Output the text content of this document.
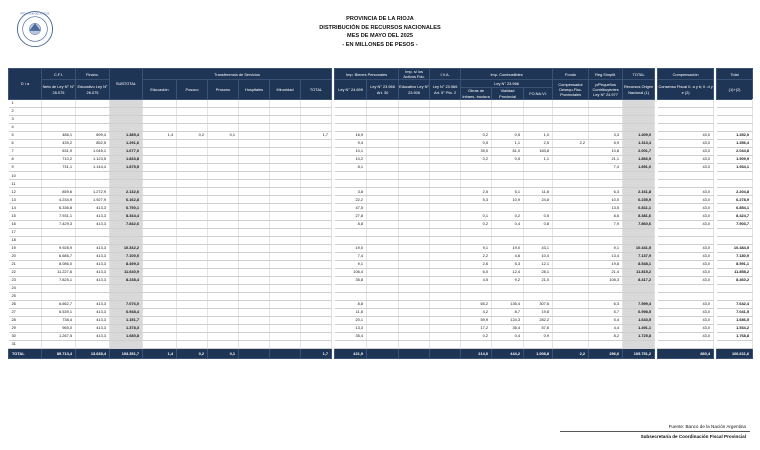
PROVINCIA DE LA RIOJA
PROVINCIA DE LA RIOJA
DISTRIBUCIÓN DE RECURSOS NACIONALES
MES DE MAYO DEL 2025
- EN MILLONES DE PESOS -
D í a	C.F.I.	Financ.	SUBTOTAL	Transferencia de Servicios							Imp. Bienes Personales		Imp. s/ los Activos Fdo.	I.V.A.	Imp. Combustibles			Fondo	Reg.Simplif.	TOTAL		Compensación		Total	
	Neto de Ley N° N° 26.075	Educativo Ley N° 26.075		Educación	Posoco	Prosonu	Hospitales	Minoridad	TOTAL		Ley N° 24.699	Ley N° 23.966 Art. 30	Educativo Ley N° 23.906	Ley N° 23.966 Art. 5° Pto. 2	Ley N° 23.966			Compensador Desequ.Fisc. Provinciales	p/Pequeños Contribuyentes Ley N° 24.977	Recursos Origen Nacional (1)		Consenso Fiscal II. a y b; II. d y e (2)		(1)+(2)	
															Obras de Infraes- tructura	Vialidad Provincial	FO.NA.VI.								
1																									
2																									
3																									
4																									
5	486,1	899,4	1.385,4	1,4	0,2	0,1			1,7		16,9				0,2	0,5	1,0		3,3	1.409,0		43,0		1.452,0	
6	439,2	852,5	1.291,6								9,4				0,5	1,1	2,5	2,2	5,9	1.313,4		43,0		1.356,4	
7	631,9	1.045,1	1.677,0								10,1				39,0	81,0	183,8		10,8	2.001,7		43,0		2.044,8	
8	710,2	1.123,5	1.833,8								10,2				0,2	0,5	1,1		21,1	1.866,9		43,0		1.909,9	
9	731,1	1.144,4	1.875,5								8,1								7,4	1.891,0		43,0		1.934,1	
10																									
11																									
12	859,6	1.272,9	2.132,6								3,8				2,5	5,1	11,6		6,3	2.161,8		43,0		2.204,8	
13	4.234,9	1.927,9	6.162,8								22,2				5,3	10,9	24,8		10,0	6.235,9		43,0		6.278,9	
14	6.336,8	413,3	6.750,1								47,5								13,5	6.811,1		43,0		6.854,1	
15	7.931,1	413,3	8.344,4								27,8				0,1	0,2	0,5		8,6	8.381,6		43,0		8.424,7	
16	7.429,3	413,3	7.842,6								8,8				0,2	0,4	0,8		7,9	7.860,6		43,0		7.903,7	
17																									
18																									
19	9.928,9	413,3	10.342,2								19,0				9,1	19,0	43,1		9,1	10.441,5		43,0		10.484,5	
20	6.686,7	413,3	7.100,0								7,4				2,2	4,6	10,4		13,4	7.137,9		43,0		7.180,9	
21	8.086,0	413,3	8.499,3								9,1				2,6	5,3	12,1		19,8	8.548,1		43,0		8.591,1	
22	11.227,6	413,3	11.640,9								106,4				6,0	12,4	28,1		21,4	11.815,2		43,0		11.858,2	
23	7.825,1	413,3	8.238,4								35,8				4,5	9,2	21,0		108,3	8.417,2		43,0		8.460,2	
24																									
25																									
26	6.662,7	413,3	7.076,0								8,8				65,2	135,4	307,6		6,3	7.599,4		43,0		7.642,4	
27	6.539,1	413,3	6.948,4								11,6				4,2	8,7	19,8		5,7	6.998,5		43,0		7.041,5	
28	738,4	413,3	1.151,7								20,1				59,9	124,3	282,2		5,4	1.643,5		43,0		1.686,5	
29	965,0	413,3	1.378,3								13,3				17,2	35,4	57,6		4,4	1.491,1		43,0		1.534,2	
30	1.267,5	413,3	1.680,8								35,4				0,2	0,4	0,9		8,2	1.725,8		43,0		1.768,8	
31																									
TOTAL	89.713,4	13.638,4	103.351,7	1,4	0,2	0,1			1,7		421,9				214,0	444,2	1.008,8	2,2	296,6	105.751,2		860,4		106.611,6	
Fuente: Banco de la Nación Argentina
Subsecretaría de Coordinación Fiscal Provincial
